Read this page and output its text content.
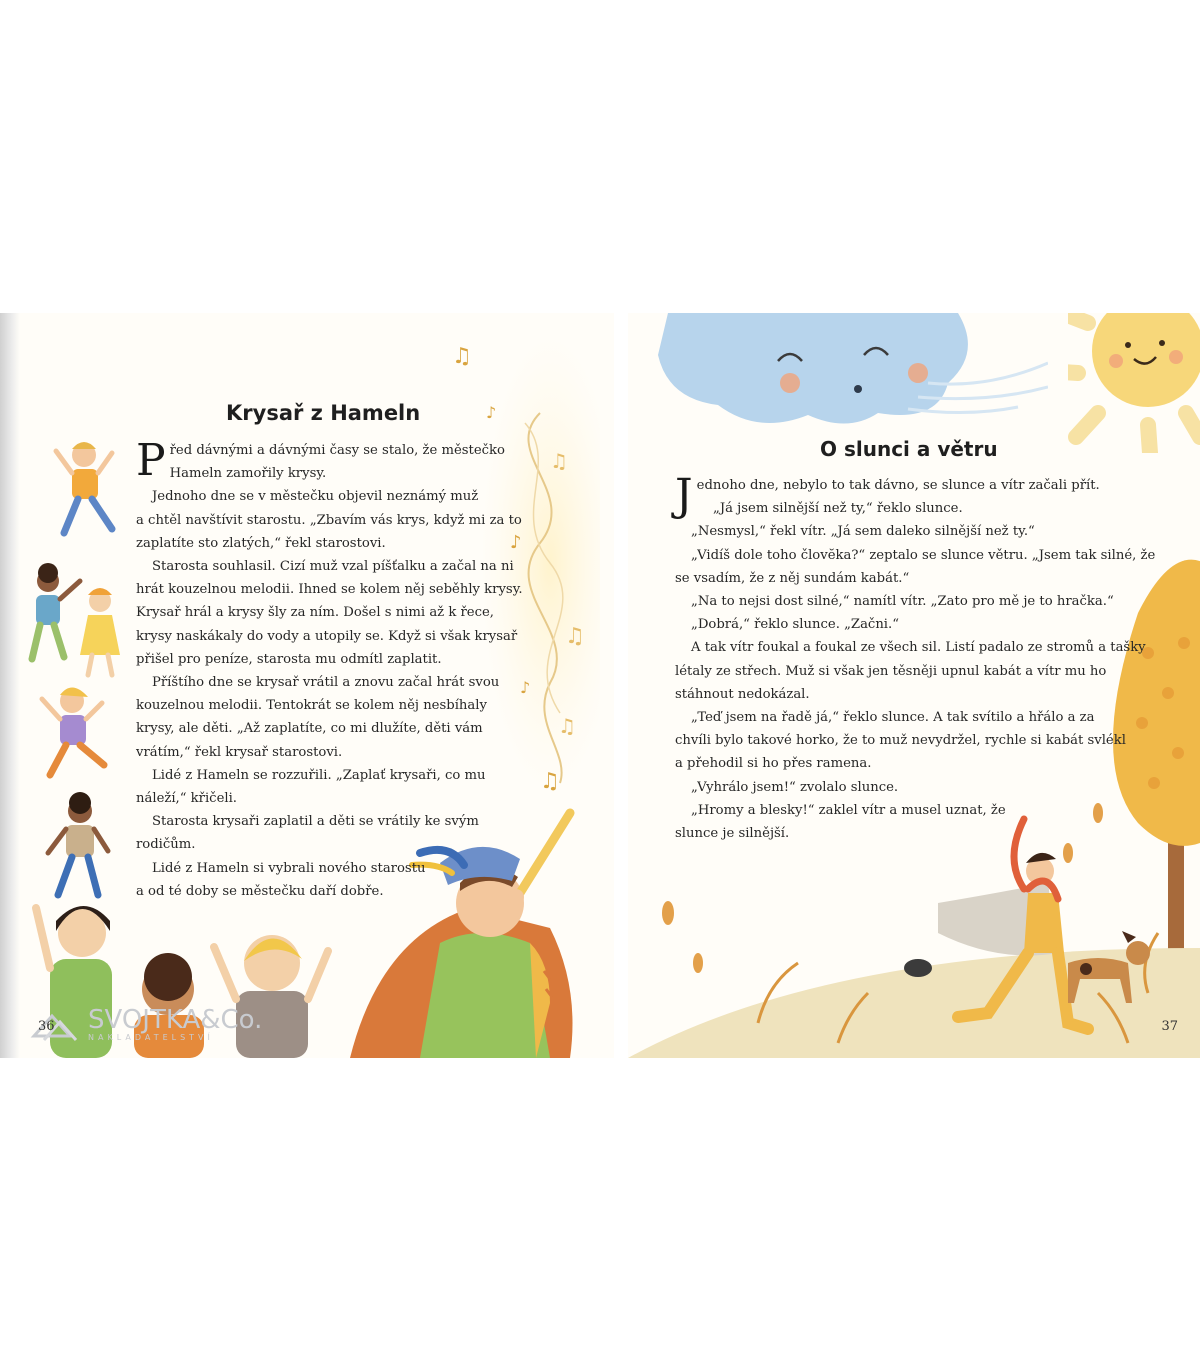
♫
♪
♫
♪
♫
♪
♫
♫
Krysař z Hameln

Před dávnými a dávnými časy se stalo, že městečko

Hameln zamořily krysy.

Jednoho dne se v městečku objevil neznámý muž

a chtěl navštívit starostu. „Zbavím vás krys, když mi za to

zaplatíte sto zlatých,“ řekl starostovi.

Starosta souhlasil. Cizí muž vzal píšťalku a začal na ni

hrát kouzelnou melodii. Ihned se kolem něj seběhly krysy.

Krysař hrál a krysy šly za ním. Došel s nimi až k řece,

krysy naskákaly do vody a utopily se. Když si však krysař

přišel pro peníze, starosta mu odmítl zaplatit.

Příštího dne se krysař vrátil a znovu začal hrát svou

kouzelnou melodii. Tentokrát se kolem něj nesbíhaly

krysy, ale děti. „Až zaplatíte, co mi dlužíte, děti vám

vrátím,“ řekl krysař starostovi.

Lidé z Hameln se rozzuřili. „Zaplať krysaři, co mu

náleží,“ křičeli.

Starosta krysaři zaplatil a děti se vrátily ke svým

rodičům.

Lidé z Hameln si vybrali nového starostu

a od té doby se městečku daří dobře.

SVOJTKA&Co.
NAKLADATELSTVÍ
36
O slunci a větru

Jednoho dne, nebylo to tak dávno, se slunce a vítr začali přít.

„Já jsem silnější než ty,“ řeklo slunce.

„Nesmysl,“ řekl vítr. „Já sem daleko silnější než ty.“

„Vidíš dole toho človĕka?“ zeptalo se slunce větru. „Jsem tak silné, že

se vsadím, že z něj sundám kabát.“

„Na to nejsi dost silné,“ namítl vítr. „Zato pro mě je to hračka.“

„Dobrá,“ řeklo slunce. „Začni.“

A tak vítr foukal a foukal ze všech sil. Listí padalo ze stromů a tašky

létaly ze střech. Muž si však jen těsněji upnul kabát a vítr mu ho

stáhnout nedokázal.

„Teď jsem na řadě já,“ řeklo slunce. A tak svítilo a hřálo a za

chvíli bylo takové horko, že to muž nevydržel, rychle si kabát svlékl

a přehodil si ho přes ramena.

„Vyhrálo jsem!“ zvolalo slunce.

„Hromy a blesky!“ zaklel vítr a musel uznat, že

slunce je silnější.

37
